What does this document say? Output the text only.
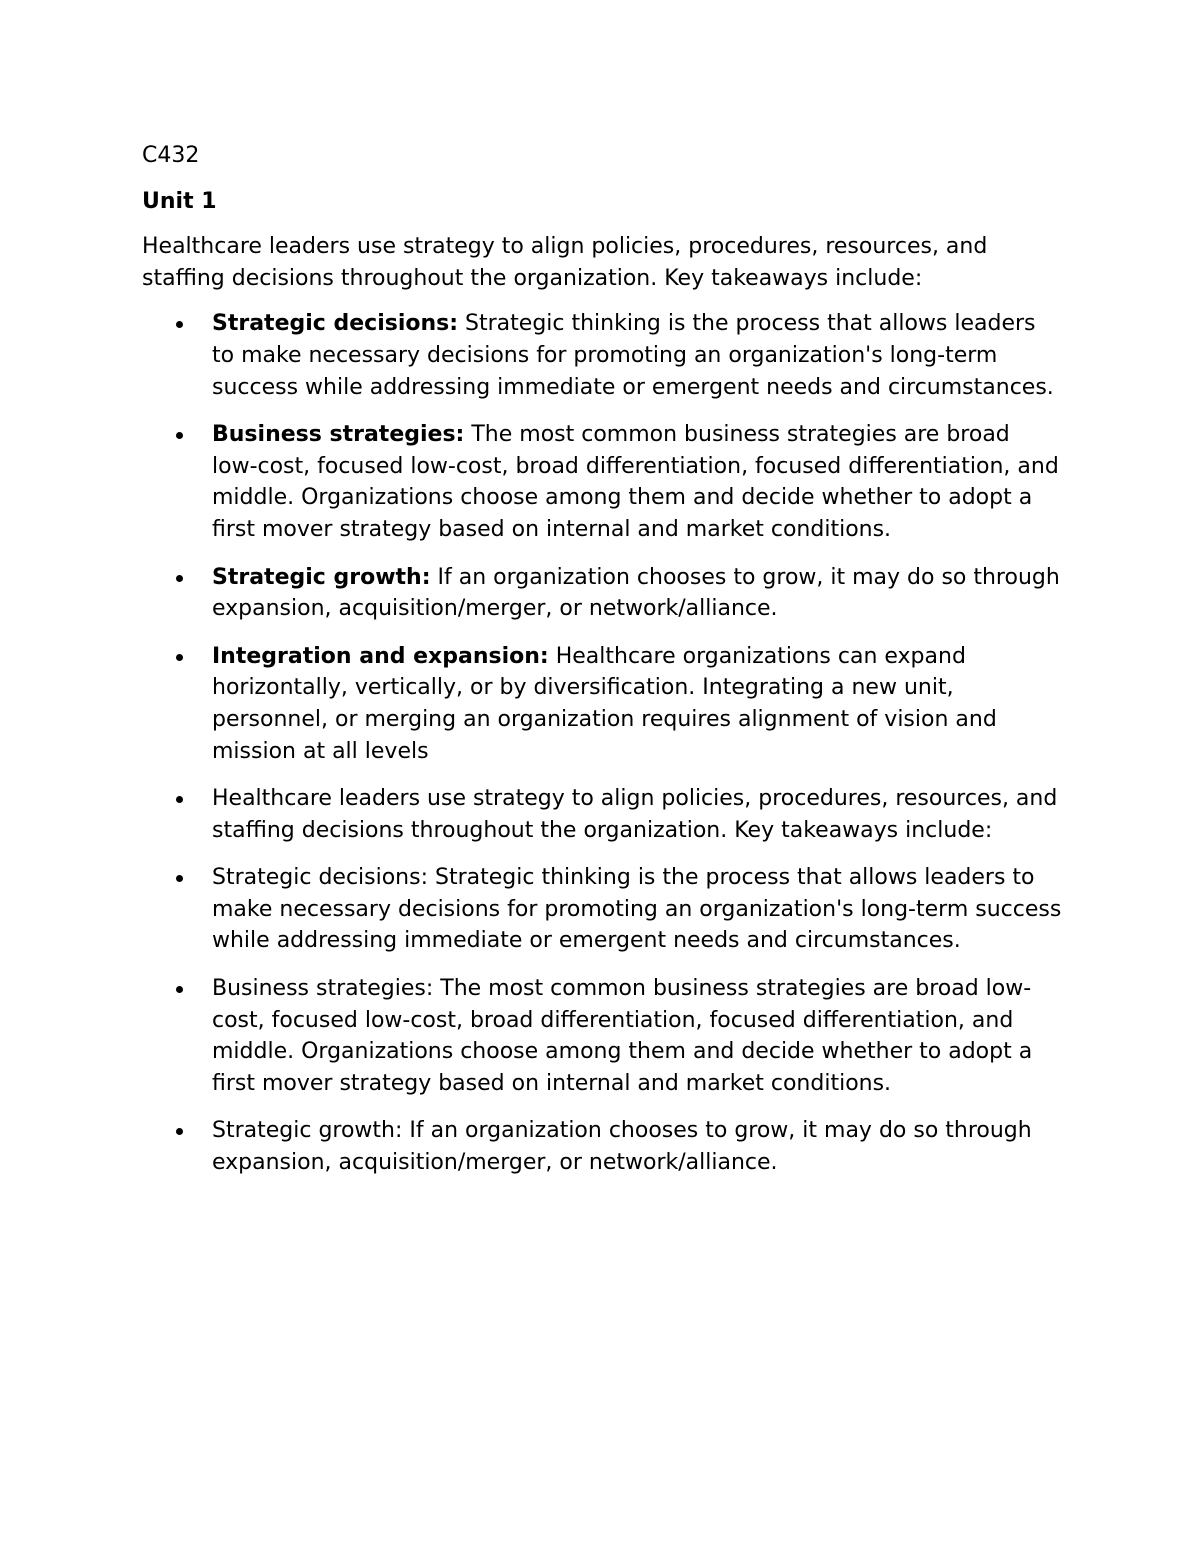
C432
Unit 1
Healthcare leaders use strategy to align policies, procedures, resources, and staffing decisions throughout the organization. Key takeaways include:
Strategic decisions: Strategic thinking is the process that allows leaders to make necessary decisions for promoting an organization's long-term success while addressing immediate or emergent needs and circumstances.
Business strategies: The most common business strategies are broad low-cost, focused low-cost, broad differentiation, focused differentiation, and middle. Organizations choose among them and decide whether to adopt a first mover strategy based on internal and market conditions.
Strategic growth: If an organization chooses to grow, it may do so through expansion, acquisition/merger, or network/alliance.
Integration and expansion: Healthcare organizations can expand horizontally, vertically, or by diversification. Integrating a new unit, personnel, or merging an organization requires alignment of vision and mission at all levels
Healthcare leaders use strategy to align policies, procedures, resources, and staffing decisions throughout the organization. Key takeaways include:
Strategic decisions: Strategic thinking is the process that allows leaders to make necessary decisions for promoting an organization's long-term success while addressing immediate or emergent needs and circumstances.
Business strategies: The most common business strategies are broad low-cost, focused low-cost, broad differentiation, focused differentiation, and middle. Organizations choose among them and decide whether to adopt a first mover strategy based on internal and market conditions.
Strategic growth: If an organization chooses to grow, it may do so through expansion, acquisition/merger, or network/alliance.
